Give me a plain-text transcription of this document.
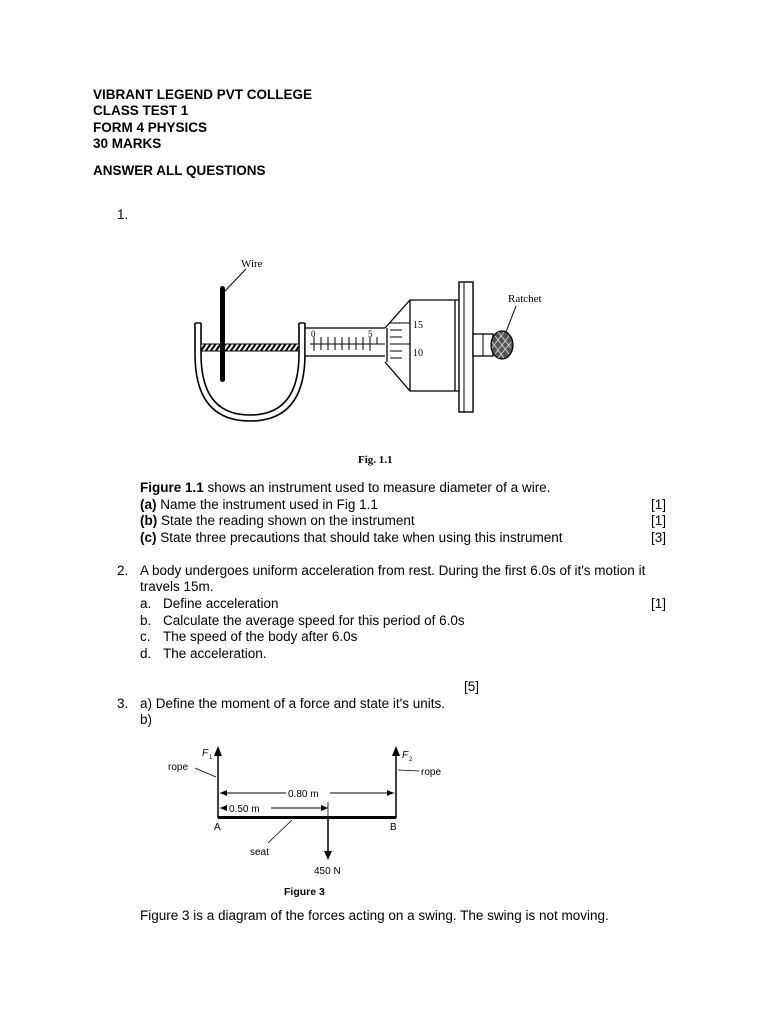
VIBRANT LEGEND PVT COLLEGE
CLASS TEST 1
FORM 4 PHYSICS
30 MARKS
ANSWER ALL QUESTIONS
1.
Wire
0	5
15
10
Ratchet
Fig. 1.1
Figure 1.1 shows an instrument used to measure diameter of a wire.
(a) Name the instrument used in Fig 1.1	[1]
(b) State the reading shown on the instrument	[1]
(c) State three precautions that should take when using this instrument	[3]
2. A body undergoes uniform acceleration from rest. During the first 6.0s of it's motion it
travels 15m.
a. Define acceleration	[1]
b. Calculate the average speed for this period of 6.0s
c. The speed of the body after 6.0s
d. The acceleration.
[5]
3. a) Define the moment of a force and state it's units.
b)
F 1
rope
F 2
rope
0.80 m
0.50 m
A	B
seat
450 N
Figure 3
Figure 3 is a diagram of the forces acting on a swing. The swing is not moving.
